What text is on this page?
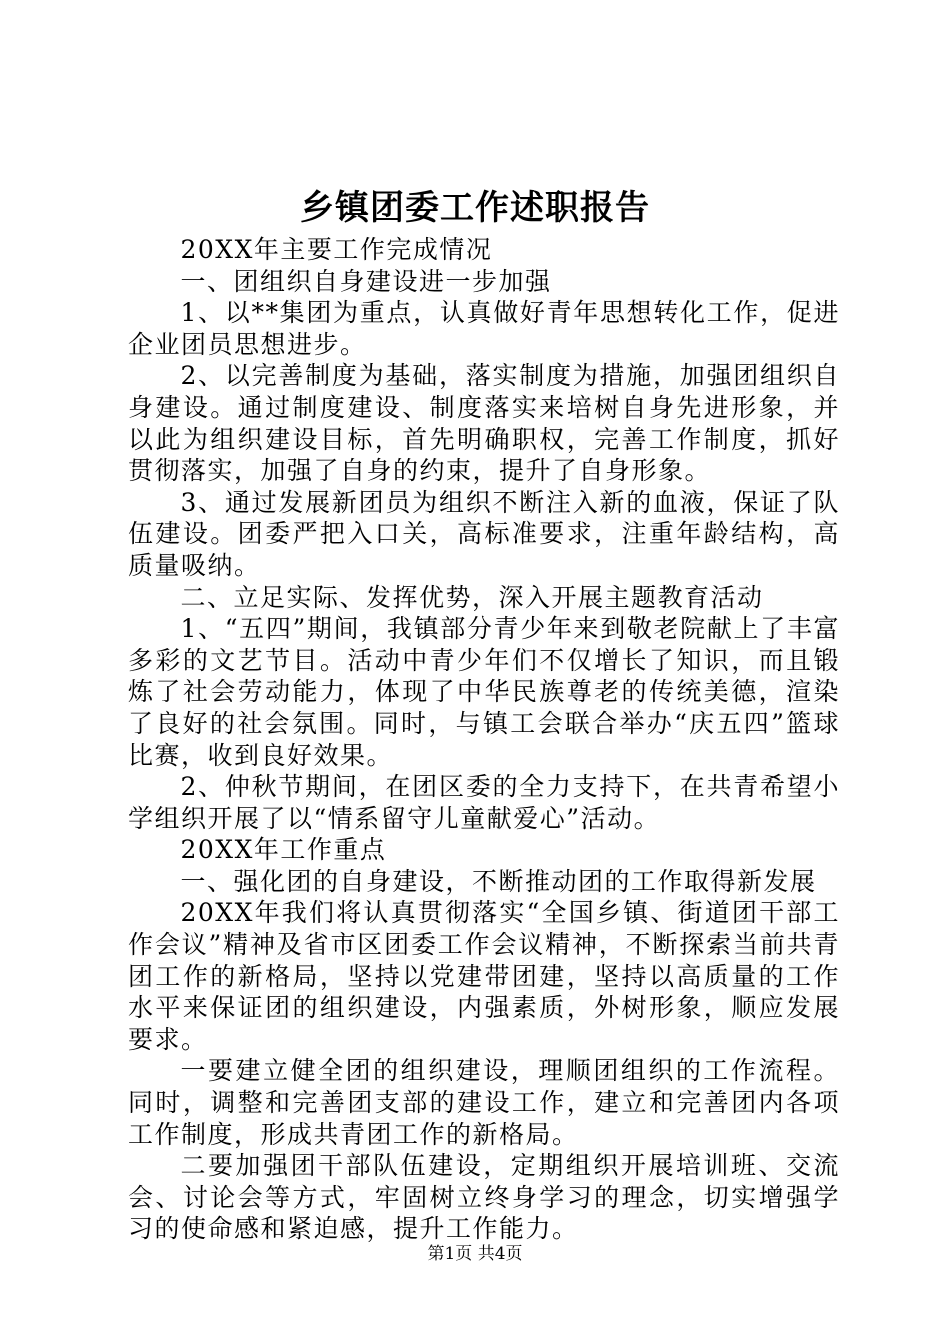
乡镇团委工作述职报告

20XX年主要工作完成情况

一、团组织自身建设进一步加强

1、以**集团为重点，认真做好青年思想转化工作，促进企业团员思想进步。

2、以完善制度为基础，落实制度为措施，加强团组织自身建设。通过制度建设、制度落实来培树自身先进形象，并以此为组织建设目标，首先明确职权，完善工作制度，抓好贯彻落实，加强了自身的约束，提升了自身形象。

3、通过发展新团员为组织不断注入新的血液，保证了队伍建设。团委严把入口关，高标准要求，注重年龄结构，高质量吸纳。

二、立足实际、发挥优势，深入开展主题教育活动

1、“五四”期间，我镇部分青少年来到敬老院献上了丰富多彩的文艺节目。活动中青少年们不仅增长了知识，而且锻炼了社会劳动能力，体现了中华民族尊老的传统美德，渲染了良好的社会氛围。同时，与镇工会联合举办“庆五四”篮球比赛，收到良好效果。

2、仲秋节期间，在团区委的全力支持下，在共青希望小学组织开展了以“情系留守儿童献爱心”活动。

20XX年工作重点

一、强化团的自身建设，不断推动团的工作取得新发展

20XX年我们将认真贯彻落实“全国乡镇、街道团干部工作会议”精神及省市区团委工作会议精神，不断探索当前共青团工作的新格局，坚持以党建带团建，坚持以高质量的工作水平来保证团的组织建设，内强素质，外树形象，顺应发展要求。

一要建立健全团的组织建设，理顺团组织的工作流程。同时，调整和完善团支部的建设工作，建立和完善团内各项工作制度，形成共青团工作的新格局。

二要加强团干部队伍建设，定期组织开展培训班、交流会、讨论会等方式，牢固树立终身学习的理念，切实增强学习的使命感和紧迫感，提升工作能力。

第1页 共4页
